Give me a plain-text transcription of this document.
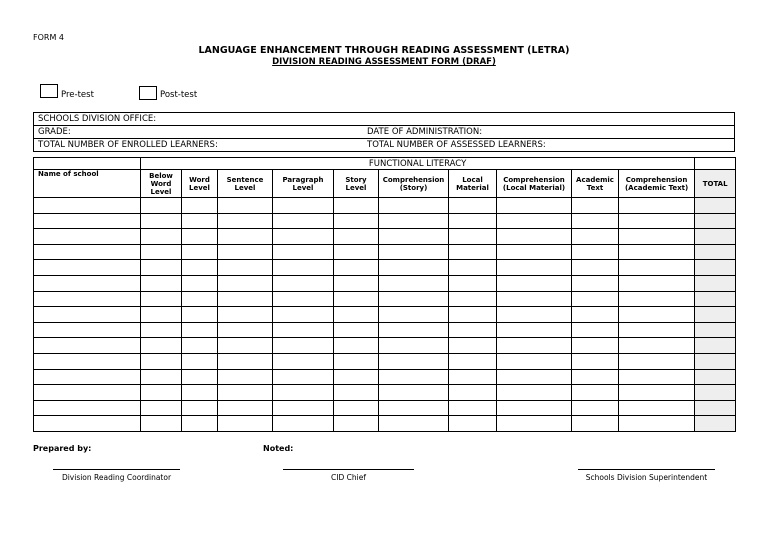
FORM 4
LANGUAGE ENHANCEMENT THROUGH READING ASSESSMENT (LETRA)
DIVISION READING ASSESSMENT FORM (DRAF)
Pre-test	Post-test
SCHOOLS DIVISION OFFICE:
GRADE:	DATE OF ADMINISTRATION:
TOTAL NUMBER OF ENROLLED LEARNERS:	TOTAL NUMBER OF ASSESSED LEARNERS:
	FUNCTIONAL LITERACY										
Name of school	Below Word Level	Word Level	Sentence Level	Paragraph Level	Story Level	Comprehension (Story)	Local Material	Comprehension (Local Material)	Academic Text	Comprehension (Academic Text)	TOTAL

Prepared by:	Noted:
Division Reading Coordinator	CID Chief	Schools Division Superintendent
